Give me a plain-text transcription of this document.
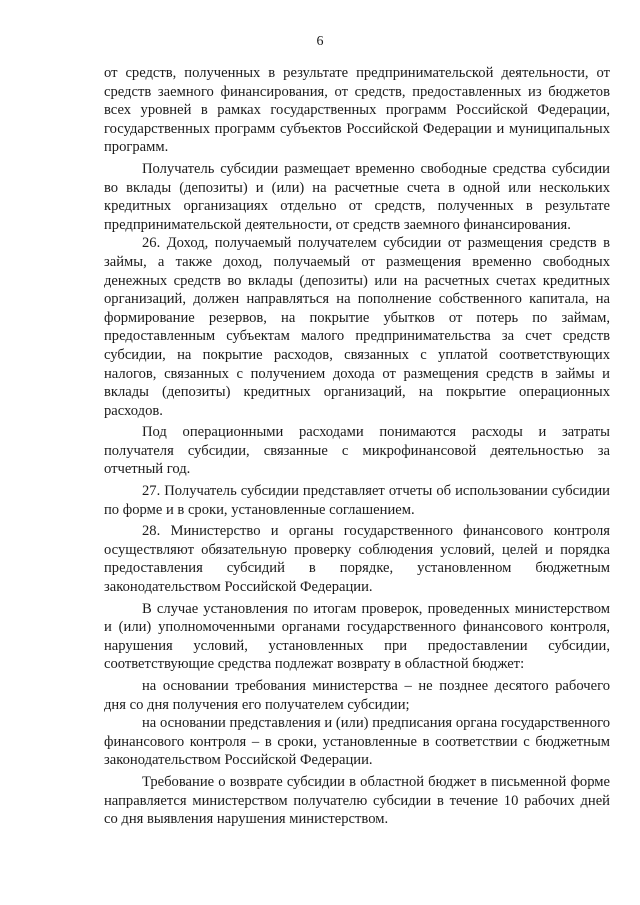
6

от средств, полученных в результате предпринимательской деятельности, от средств заемного финансирования, от средств, предоставленных из бюджетов всех уровней в рамках государственных программ Российской Федерации, государственных программ субъектов Российской Федерации и муниципальных программ.

Получатель субсидии размещает временно свободные средства субсидии во вклады (депозиты) и (или) на расчетные счета в одной или нескольких кредитных организациях отдельно от средств, полученных в результате предпринимательской деятельности, от средств заемного финансирования.

26. Доход, получаемый получателем субсидии от размещения средств в займы, а также доход, получаемый от размещения временно свободных денежных средств во вклады (депозиты) или на расчетных счетах кредитных организаций, должен направляться на пополнение собственного капитала, на формирование резервов, на покрытие убытков от потерь по займам, предоставленным субъектам малого предпринимательства за счет средств субсидии, на покрытие расходов, связанных с уплатой соответствующих налогов, связанных с получением дохода от размещения средств в займы и вклады (депозиты) кредитных организаций, на покрытие операционных расходов.

Под операционными расходами понимаются расходы и затраты получателя субсидии, связанные с микрофинансовой деятельностью за отчетный год.

27. Получатель субсидии представляет отчеты об использовании субсидии по форме и в сроки, установленные соглашением.

28. Министерство и органы государственного финансового контроля осуществляют обязательную проверку соблюдения условий, целей и порядка предоставления субсидий в порядке, установленном бюджетным законодательством Российской Федерации.

В случае установления по итогам проверок, проведенных министерством и (или) уполномоченными органами государственного финансового контроля, нарушения условий, установленных при предоставлении субсидии, соответствующие средства подлежат возврату в областной бюджет:

на основании требования министерства – не позднее десятого рабочего дня со дня получения его получателем субсидии;

на основании представления и (или) предписания органа государственного финансового контроля – в сроки, установленные в соответствии с бюджетным законодательством Российской Федерации.

Требование о возврате субсидии в областной бюджет в письменной форме направляется министерством получателю субсидии в течение 10 рабочих дней со дня выявления нарушения министерством.
